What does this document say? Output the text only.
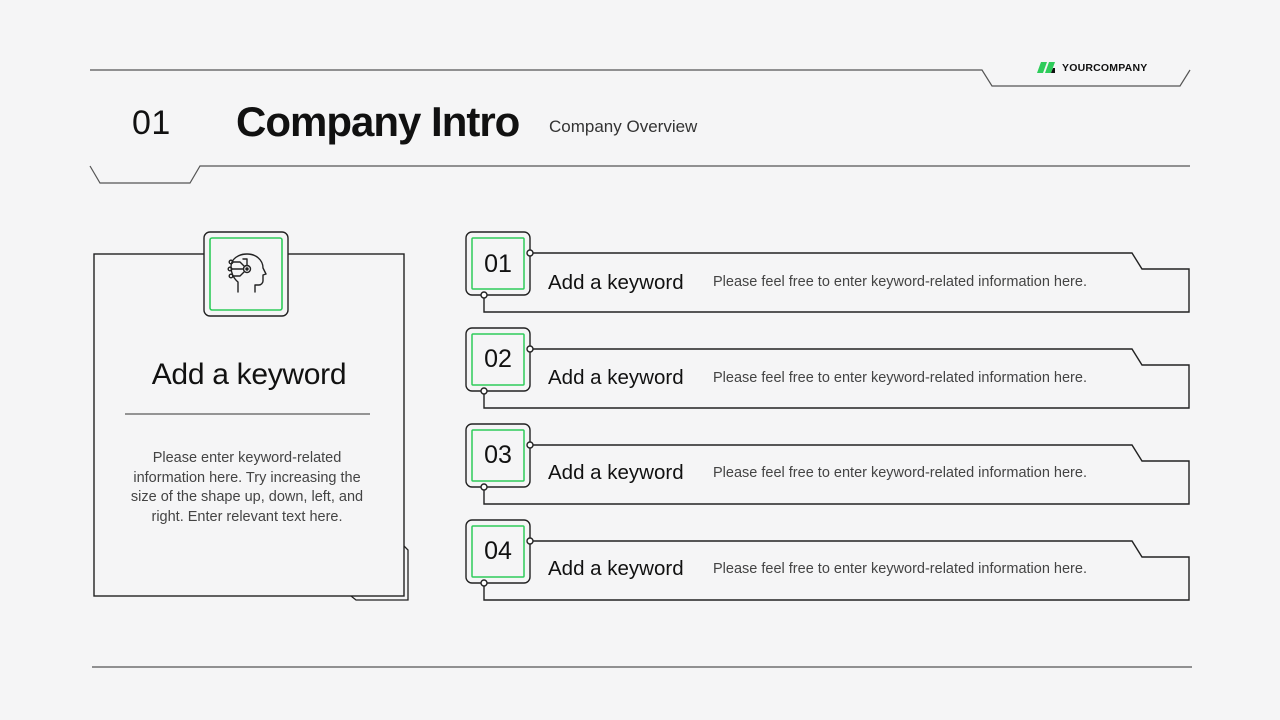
YOURCOMPANY
01 Company Intro Company Overview
Add a keyword
Please enter keyword-related information here. Try increasing the size of the shape up, down, left, and right. Enter relevant text here.
01
Add a keyword Please feel free to enter keyword-related information here.
02
Add a keyword Please feel free to enter keyword-related information here.
03
Add a keyword Please feel free to enter keyword-related information here.
04
Add a keyword Please feel free to enter keyword-related information here.
